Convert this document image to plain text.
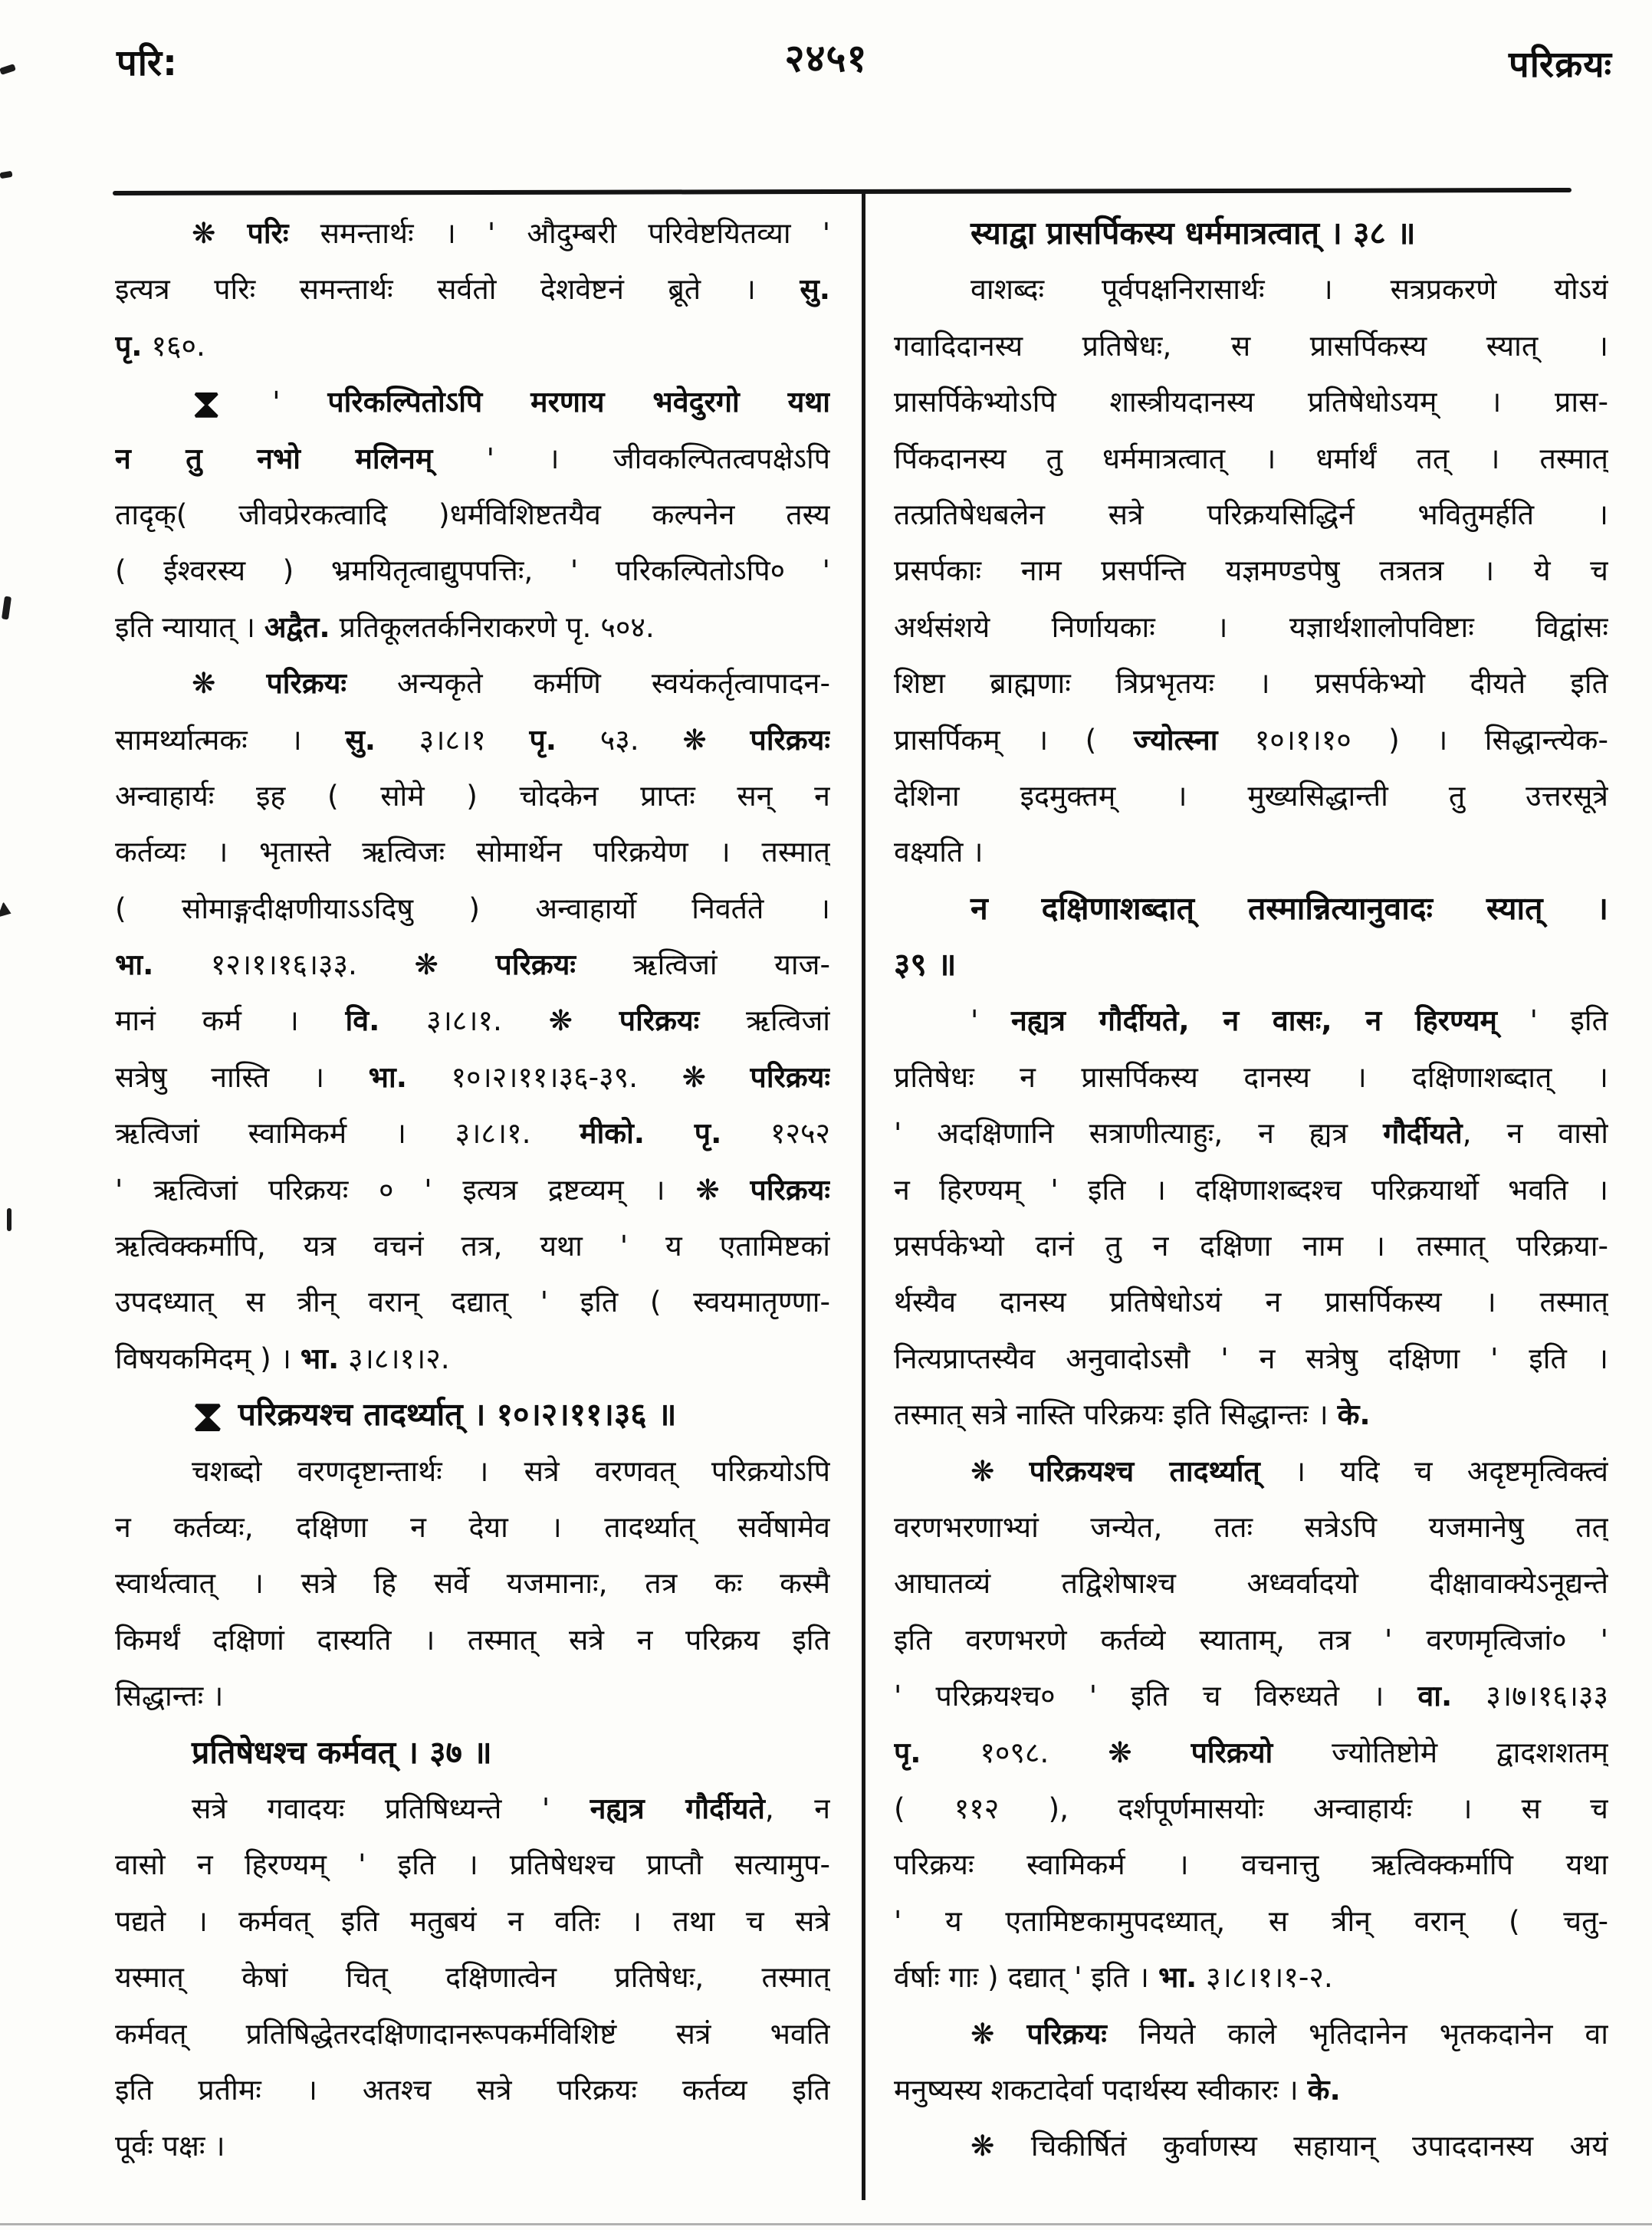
परि:	२४५१	परिक्रयः
❋ परिः समन्तार्थः । ' औदुम्बरी परिवेष्टयितव्या '
इत्यत्र परिः समन्तार्थः सर्वतो देशवेष्टनं ब्रूते । सु.
पृ. १६०.
⧗ ' परिकल्पितोऽपि मरणाय भवेदुरगो यथा
न तु नभो मलिनम् ' । जीवकल्पितत्वपक्षेऽपि
तादृक्‌( जीवप्रेरकत्वादि )धर्मविशिष्टतयैव कल्पनेन तस्य
( ईश्वरस्य ) भ्रमयितृत्वाद्युपपत्तिः, ' परिकल्पितोऽपि० '
इति न्यायात् । अद्वैत. प्रतिकूलतर्कनिराकरणे पृ. ५०४.
❋ परिक्रयः अन्यकृते कर्मणि स्वयंकर्तृत्वापादन-
सामर्थ्यात्मकः । सु. ३।८।१ पृ. ५३. ❋ परिक्रयः
अन्वाहार्यः इह ( सोमे ) चोदकेन प्राप्तः सन् न
कर्तव्यः । भृतास्ते ऋत्विजः सोमार्थेन परिक्रयेण । तस्मात्
( सोमाङ्गदीक्षणीयाऽऽदिषु ) अन्वाहार्यो निवर्तते ।
भा. १२।१।१६।३३. ❋ परिक्रयः ऋत्विजां याज-
मानं कर्म । वि. ३।८।१. ❋ परिक्रयः ऋत्विजां
सत्रेषु नास्ति । भा. १०।२।११।३६-३९. ❋ परिक्रयः
ऋत्विजां स्वामिकर्म । ३।८।१. मीको. पृ. १२५२
' ऋत्विजां परिक्रयः ० ' इत्यत्र द्रष्टव्यम् । ❋ परिक्रयः
ऋत्विक्कर्मापि, यत्र वचनं तत्र, यथा ' य एतामिष्टकां
उपदध्यात् स त्रीन् वरान् दद्यात् ' इति ( स्वयमातृण्णा-
विषयकमिदम् ) । भा. ३।८।१।२.
⧗ परिक्रयश्च तादर्थ्यात् । १०।२।११।३६ ॥
चशब्दो वरणदृष्टान्तार्थः । सत्रे वरणवत् परिक्रयोऽपि
न कर्तव्यः, दक्षिणा न देया । तादर्थ्यात् सर्वेषामेव
स्वार्थत्वात् । सत्रे हि सर्वे यजमानाः, तत्र कः कस्मै
किमर्थं दक्षिणां दास्यति । तस्मात् सत्रे न परिक्रय इति
सिद्धान्तः ।
प्रतिषेधश्च कर्मवत् । ३७ ॥
सत्रे गवादयः प्रतिषिध्यन्ते ' नह्यत्र गौर्दीयते, न
वासो न हिरण्यम् ' इति । प्रतिषेधश्च प्राप्तौ सत्यामुप-
पद्यते । कर्मवत् इति मतुबयं न वतिः । तथा च सत्रे
यस्मात् केषां चित् दक्षिणात्वेन प्रतिषेधः, तस्मात्
कर्मवत् प्रतिषिद्धेतरदक्षिणादानरूपकर्मविशिष्टं सत्रं भवति
इति प्रतीमः । अतश्च सत्रे परिक्रयः कर्तव्य इति
पूर्वः पक्षः ।
स्याद्वा प्रासर्पिकस्य धर्ममात्रत्वात् । ३८ ॥
वाशब्दः पूर्वपक्षनिरासार्थः । सत्रप्रकरणे योऽयं
गवादिदानस्य प्रतिषेधः, स प्रासर्पिकस्य स्यात् ।
प्रासर्पिकेभ्योऽपि शास्त्रीयदानस्य प्रतिषेधोऽयम् । प्रास-
र्पिकदानस्य तु धर्ममात्रत्वात् । धर्मार्थं तत् । तस्मात्
तत्प्रतिषेधबलेन सत्रे परिक्रयसिद्धिर्न भवितुमर्हति ।
प्रसर्पकाः नाम प्रसर्पन्ति यज्ञमण्डपेषु तत्रतत्र । ये च
अर्थसंशये निर्णायकाः । यज्ञार्थशालोपविष्टाः विद्वांसः
शिष्टा ब्राह्मणाः त्रिप्रभृतयः । प्रसर्पकेभ्यो दीयते इति
प्रासर्पिकम् । ( ज्योत्स्ना १०।१।१० ) । सिद्धान्त्येक-
देशिना इदमुक्तम् । मुख्यसिद्धान्ती तु उत्तरसूत्रे
वक्ष्यति ।
न दक्षिणाशब्दात् तस्मान्नित्यानुवादः स्यात् ।
३९ ॥
' नह्यत्र गौर्दीयते, न वासः, न हिरण्यम् ' इति
प्रतिषेधः न प्रासर्पिकस्य दानस्य । दक्षिणाशब्दात् ।
' अदक्षिणानि सत्राणीत्याहुः, न ह्यत्र गौर्दीयते, न वासो
न हिरण्यम् ' इति । दक्षिणाशब्दश्च परिक्रयार्थो भवति ।
प्रसर्पकेभ्यो दानं तु न दक्षिणा नाम । तस्मात् परिक्रया-
र्थस्यैव दानस्य प्रतिषेधोऽयं न प्रासर्पिकस्य । तस्मात्
नित्यप्राप्तस्यैव अनुवादोऽसौ ' न सत्रेषु दक्षिणा ' इति ।
तस्मात् सत्रे नास्ति परिक्रयः इति सिद्धान्तः । के.
❋ परिक्रयश्च तादर्थ्यात् । यदि च अदृष्टमृत्विक्त्वं
वरणभरणाभ्यां जन्येत, ततः सत्रेऽपि यजमानेषु तत्
आघातव्यं तद्विशेषाश्च अध्वर्वादयो दीक्षावाक्येऽनूद्यन्ते
इति वरणभरणे कर्तव्ये स्याताम्, तत्र ' वरणमृत्विजां० '
' परिक्रयश्च० ' इति च विरुध्यते । वा. ३।७।१६।३३
पृ. १०९८. ❋ परिक्रयो ज्योतिष्टोमे द्वादशशतम्
( ११२ ), दर्शपूर्णमासयोः अन्वाहार्यः । स च
परिक्रयः स्वामिकर्म । वचनात्तु ऋत्विक्कर्मापि यथा
' य एतामिष्टकामुपदध्यात्, स त्रीन् वरान् ( चतु-
र्वर्षाः गाः ) दद्यात् ' इति । भा. ३।८।१।१-२.
❋ परिक्रयः नियते काले भृतिदानेन भृतकदानेन वा
मनुष्यस्य शकटादेर्वा पदार्थस्य स्वीकारः । के.
❋ चिकीर्षितं कुर्वाणस्य सहायान् उपाददानस्य अयं
